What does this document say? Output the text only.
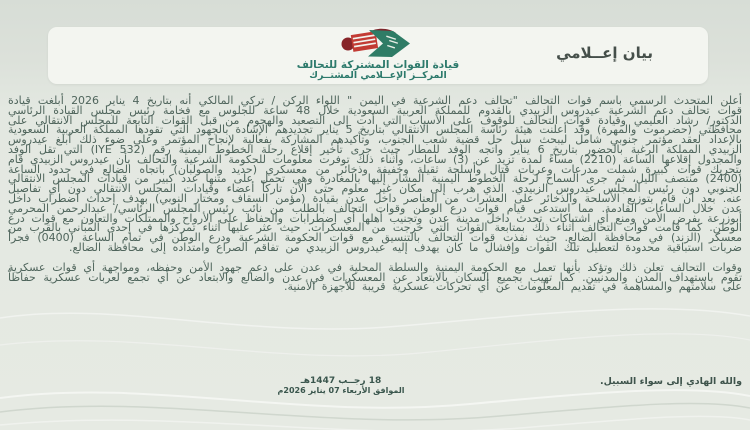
بيان إعــلامي
قيادة القوات المشتركة للتحالف
المركــز الإعــلامي المشتــرك

أعلن المتحدث الرسمي باسم قوات التحالف "تحالف دعم الشرعية في اليمن " اللواء الركن / تركي المالكي أنه بتاريخ 4 يناير 2026 أبلغت قيادة قوات تحالف دعم الشرعية عيدروس الزبيدي بالقدوم للمملكة العربية السعودية خلال 48 ساعة للجلوس مع فخامة رئيس مجلس القيادة الرئاسي الدكتور/ رشاد العليمي وقيادة قوات التحالف للوقوف على الأسباب التي أدت إلى التصعيد والهجوم من قبل القوات التابعة للمجلس الانتقالي على محافظتي (حضرموت والمهرة) وقد أعلنت هيئة رئاسة المجلس الانتقالي بتاريخ 5 يناير تجديدهم الإشادة بالجهود التي تقودها المملكة العربية السعودية بالإعداد لعقد مؤتمر جنوبي شامل ليبحث سبل حل قضية شعب الجنوب، وتأكيدهم المشاركة بفعالية لإنجاح المؤتمر وعلى ضوء ذلك أبلغ عيدروس الزبيدي المملكة الرغبة بالحضور بتاريخ 6 يناير واتجه الوفد للمطار حيث جرى تأخير إقلاع رحلة الخطوط اليمنية رقم (IYE 532) التي تقل الوفد والمجدول إقلاعها الساعة (2210) مساءً لمدة تزيد عن (3) ساعات، وأثناء ذلك توفرت معلومات للحكومة الشرعية والتحالف بأن عيدروس الزبيدي قام بتحريك قوات كبيرة شملت مدرعات وعربات قتال وأسلحة ثقيلة وخفيفة وذخائر من معسكري (حديد والصولبان) باتجاه الضالع في حدود الساعة (2400) منتصف الليل، ثم جرى السماح لرحلة الخطوط اليمنية المشار إليها بالمغادرة وهي تحمل على متنها عدد كبير من قيادات المجلس الانتقالي الجنوبي دون رئيس المجلس عيدروس الزبيدي. الذي هرب إلى مكان غير معلوم حتى الآن تاركاً أعضاء وقيادات المجلس الانتقالي دون أي تفاصيل عنه. بعد أن قام بتوزيع الأسلحة والذخائر على العشرات من العناصر داخل عدن بقيادة (مؤمن السقاف ومختار النوبي) بهدف إحداث اضطراب داخل عدن خلال الساعات القادمة. مما استدعى قيام قوات درع الوطن وقوات التحالف بالطلب من نائب رئيس المجلس الرئاسي/ عبدالرحمن المحرمي أبوزرعة بفرض الأمن ومنع أي اشتباكات تحدث داخل مدينة عدن وتجنيب أهلها أي اضطرابات والحفاظ على الأرواح والممتلكات والتعاون مع قوات درع الوطن. كما قامت قوات التحالف أثناء ذلك بمتابعة القوات التي خرجت من المعسكرات. حيث عثر عليها أثناء تمركزها في إحدى المباني بالقرب من معسكر (الزند) في محافظة الضالع. حيث نفذت قوات التحالف بالتنسيق مع قوات الحكومة الشرعية ودرع الوطن في تمام الساعة (0400) فجراً ضربات استباقية محدودة لتعطيل تلك القوات وإفشال ما كان يهدف إليه عيدروس الزبيدي من تفاقم الصراع وامتداده إلى محافظة الضالع.

وقوات التحالف تعلن ذلك وتؤكد بأنها تعمل مع الحكومة اليمنية والسلطة المحلية في عدن على دعم جهود الأمن وحفظه، ومواجهة أي قوات عسكرية تقوم باستهداف المدن والمدنيين. كما تهيب بجميع السكان بالابتعاد عن المعسكرات في عدن والضالع والابتعاد عن أي تجمع لعربات عسكرية حفاظاً على سلامتهم والمساهمة في تقديم المعلومات عن أي تحركات عسكرية قريبة للأجهزة الأمنية.

والله الهادي إلى سواء السبيل.
18 رجــب 1447هـ
الموافق الأربعاء 07 يناير 2026م
